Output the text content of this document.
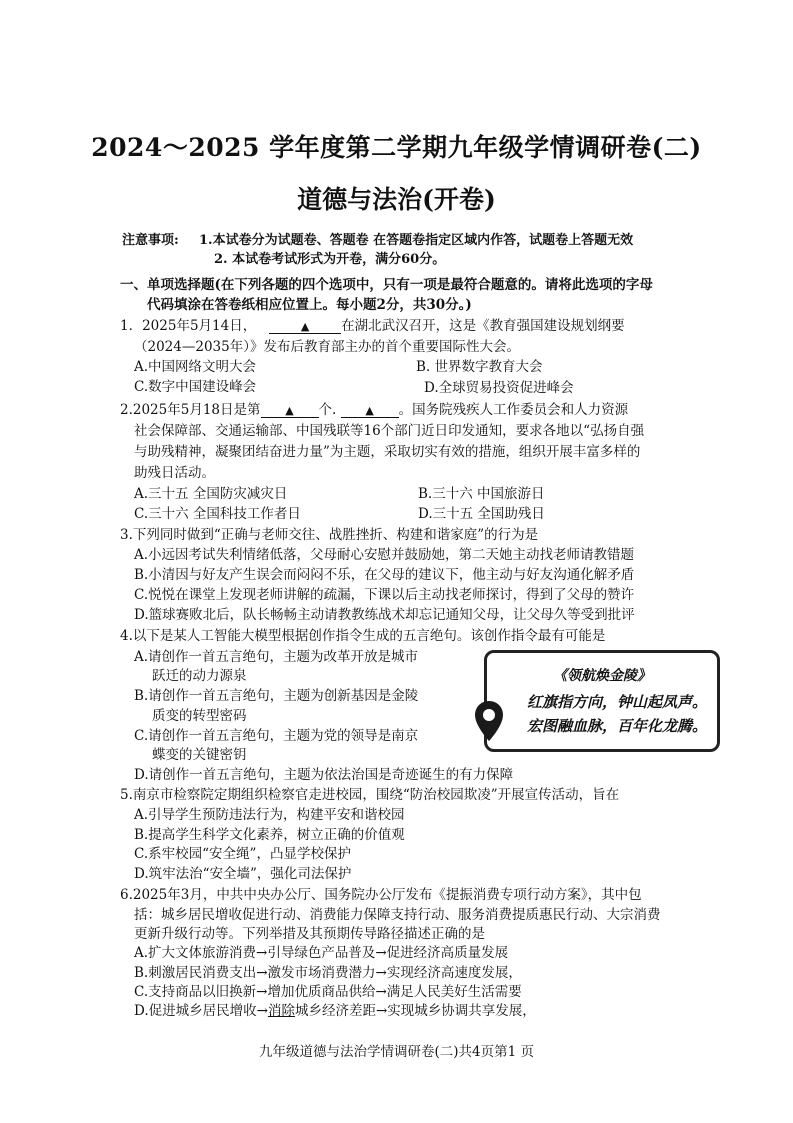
2024～2025 学年度第二学期九年级学情调研卷(二)
道德与法治(开卷)
注意事项: 1.本试卷分为试题卷、答题卷 在答题卷指定区域内作答，试题卷上答题无效
2. 本试卷考试形式为开卷，满分60分。
一、单项选择题(在下列各题的四个选项中，只有一项是最符合题意的。请将此选项的字母
代码填涂在答卷纸相应位置上。每小题2分，共30分。)
1．2025年5月14日，	▲ 在湖北武汉召开，这是《教育强国建设规划纲要
（2024—2035年）》发布后教育部主办的首个重要国际性大会。
A.中国网络文明大会	B. 世界数字教育大会
C.数字中国建设峰会	D.全球贸易投资促进峰会
2.2025年5月18日是第 ▲ 个.	▲ 。国务院残疾人工作委员会和人力资源
社会保障部、交通运输部、中国残联等16个部门近日印发通知，要求各地以“弘扬自强
与助残精神，凝聚团结奋进力量”为主题，采取切实有效的措施，组织开展丰富多样的
助残日活动。
A.三十五 全国防灾减灾日	B.三十六 中国旅游日
C.三十六 全国科技工作者日	D.三十五 全国助残日
3.下列同时做到“正确与老师交往、战胜挫折、构建和谐家庭”的行为是
A.小远因考试失利情绪低落，父母耐心安慰并鼓励她，第二天她主动找老师请教错题
B.小清因与好友产生误会而闷闷不乐，在父母的建议下，他主动与好友沟通化解矛盾
C.悦悦在课堂上发现老师讲解的疏漏，下课以后主动找老师探讨，得到了父母的赞许
D.篮球赛败北后，队长畅畅主动请教教练战术却忘记通知父母，让父母久等受到批评
4.以下是某人工智能大模型根据创作指令生成的五言绝句。该创作指令最有可能是
A.请创作一首五言绝句，主题为改革开放是城市
跃迁的动力源泉
B.请创作一首五言绝句，主题为创新基因是金陵
质变的转型密码
C.请创作一首五言绝句，主题为党的领导是南京
蝶变的关键密钥
D.请创作一首五言绝句，主题为依法治国是奇迹诞生的有力保障
《领航焕金陵》
红旗指方向，钟山起凤声。
宏图融血脉，百年化龙腾。
5.南京市检察院定期组织检察官走进校园，围绕“防治校园欺凌”开展宣传活动，旨在
A.引导学生预防违法行为，构建平安和谐校园
B.提高学生科学文化素养，树立正确的价值观
C.系牢校园“安全绳”，凸显学校保护
D.筑牢法治“安全墙”，强化司法保护
6.2025年3月，中共中央办公厅、国务院办公厅发布《提振消费专项行动方案》，其中包
括：城乡居民增收促进行动、消费能力保障支持行动、服务消费提质惠民行动、大宗消费
更新升级行动等。下列举措及其预期传导路径描述正确的是
A.扩大文体旅游消费→引导绿色产品普及→促进经济高质量发展
B.刺激居民消费支出→激发市场消费潜力→实现经济高速度发展，
C.支持商品以旧换新→增加优质商品供给→满足人民美好生活需要
D.促进城乡居民增收→消除城乡经济差距→实现城乡协调共享发展，
九年级道德与法治学情调研卷(二)共4页第1 页
